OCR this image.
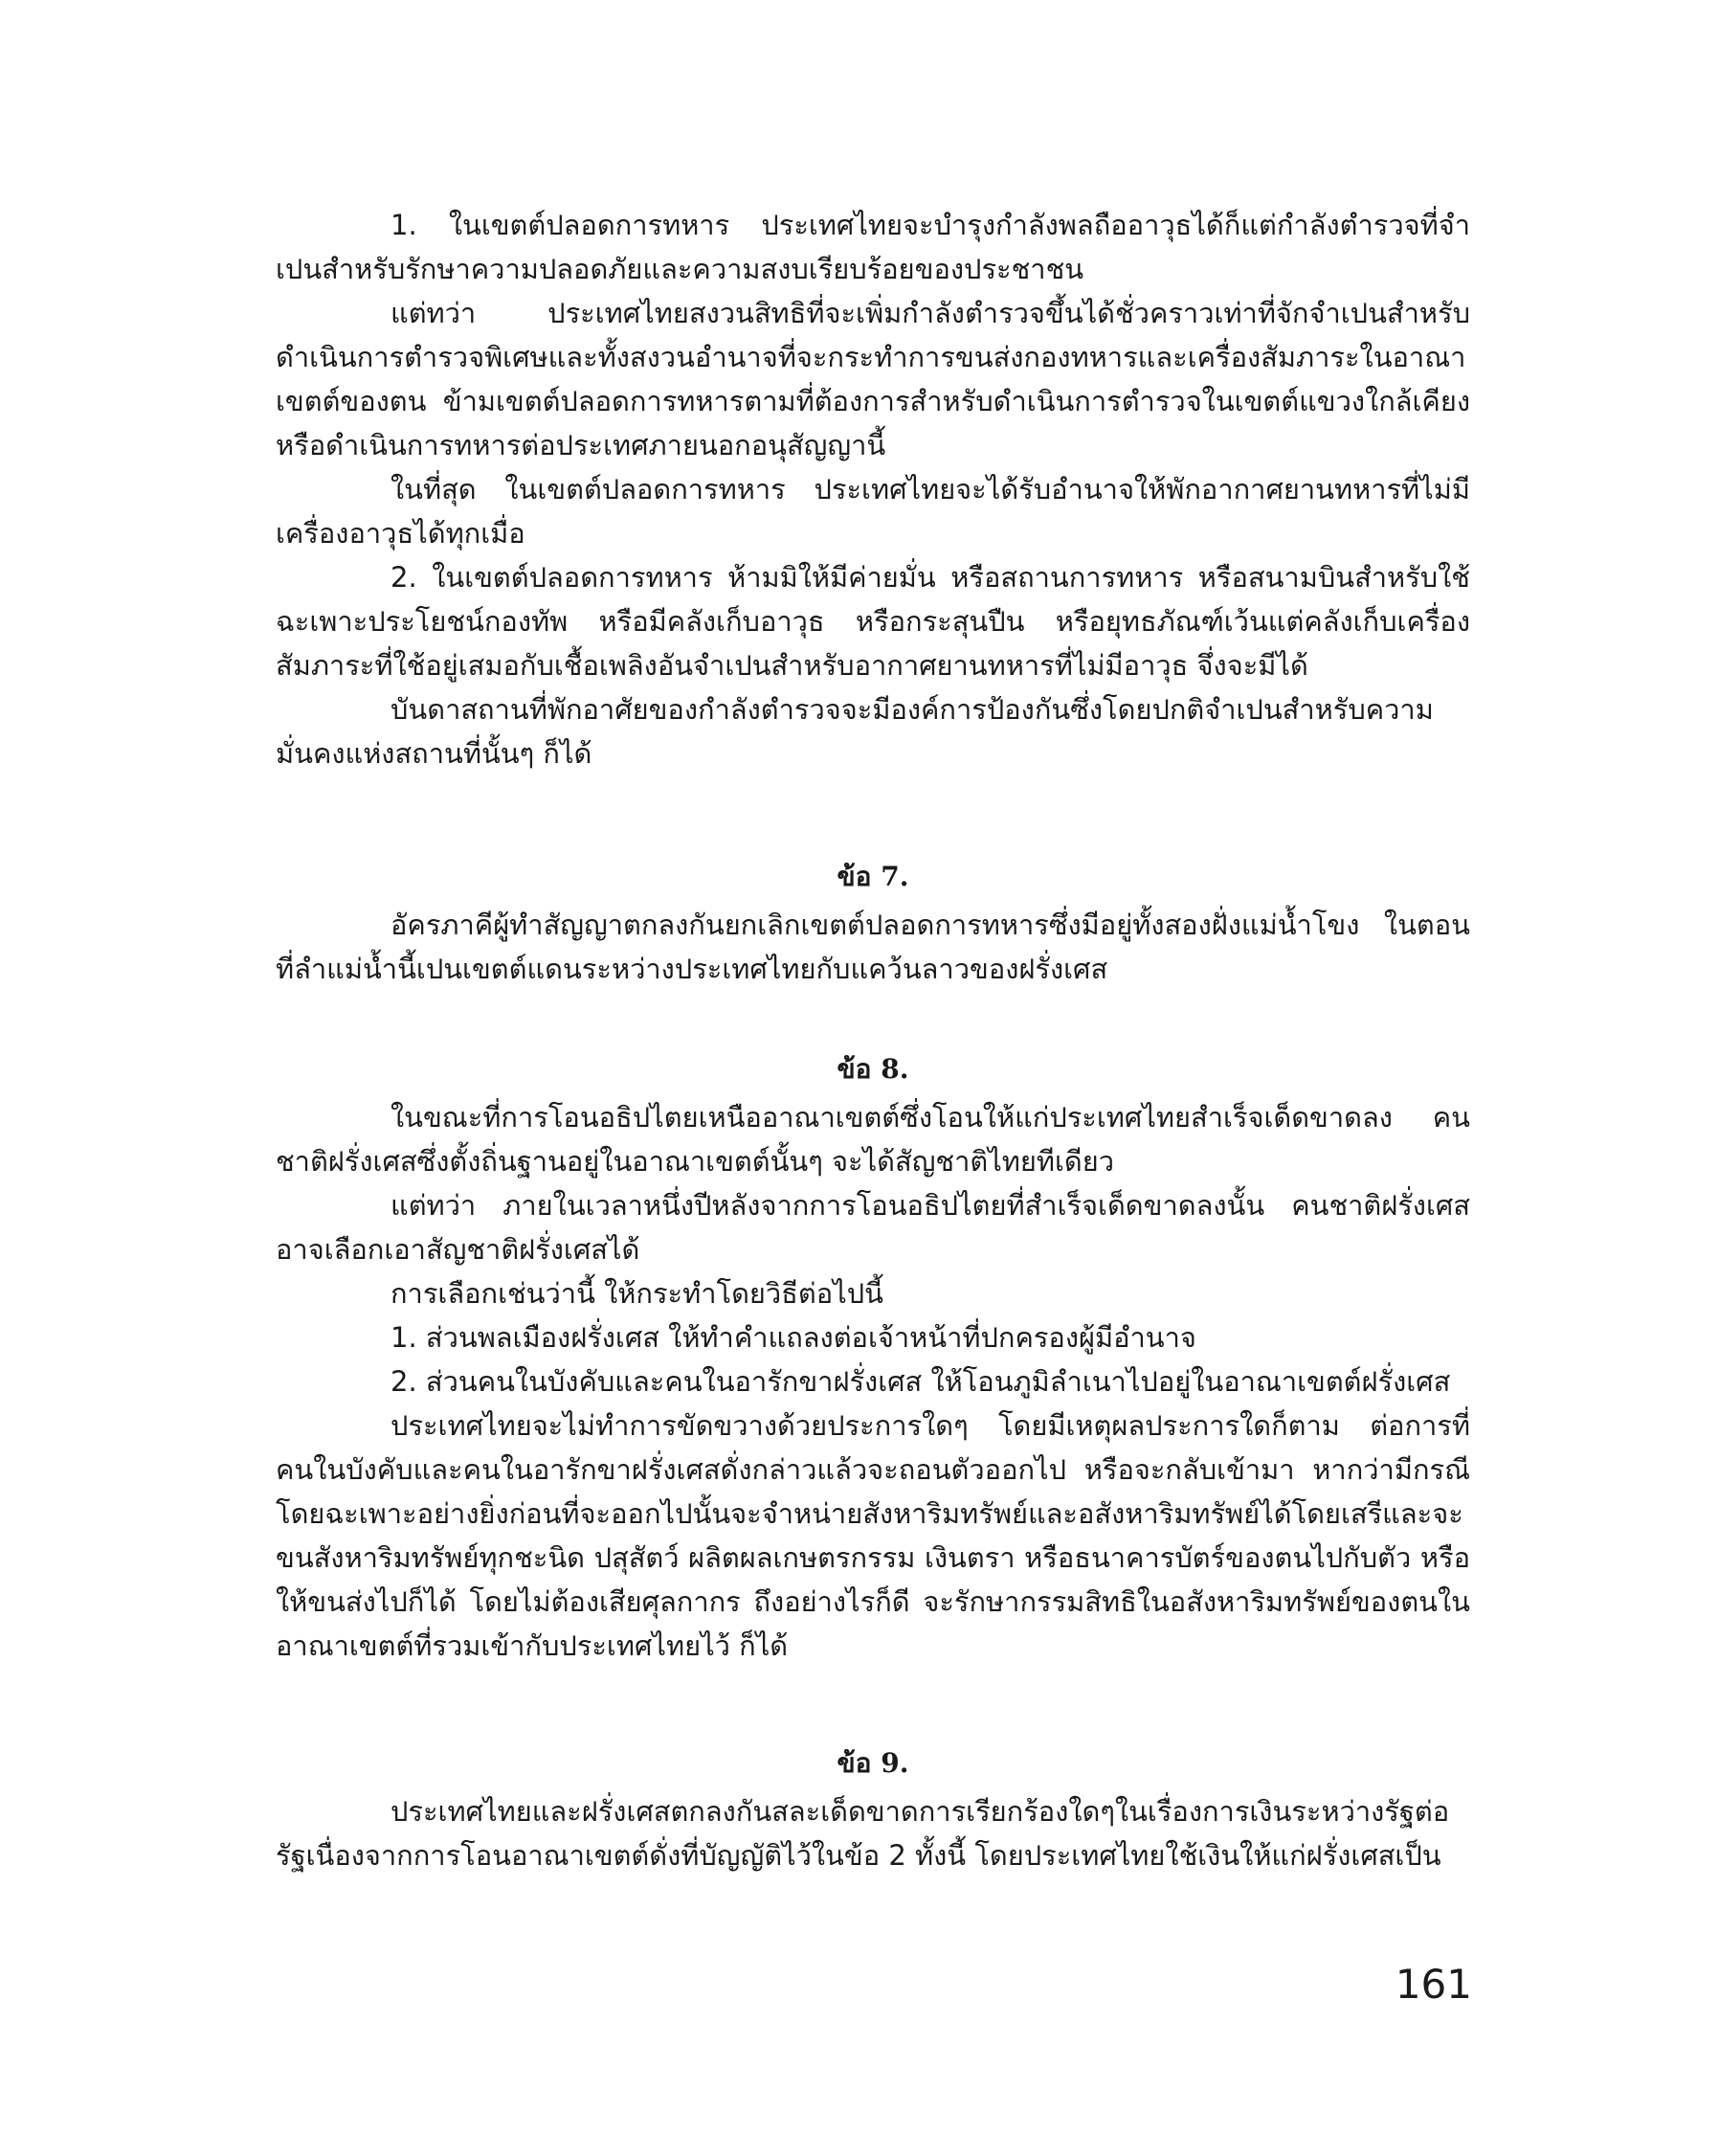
1. ในเขตต์ปลอดการทหาร ประเทศไทยจะบำรุงกำลังพลถืออาวุธได้ก็แต่กำลังตำรวจที่จำเปนสำหรับรักษาความปลอดภัยและความสงบเรียบร้อยของประชาชน

แต่ทว่า ประเทศไทยสงวนสิทธิที่จะเพิ่มกำลังตำรวจขึ้นได้ชั่วคราวเท่าที่จักจำเปนสำหรับดำเนินการตำรวจพิเศษและทั้งสงวนอำนาจที่จะกระทำการขนส่งกองทหารและเครื่องสัมภาระในอาณาเขตต์ของตน ข้ามเขตต์ปลอดการทหารตามที่ต้องการสำหรับดำเนินการตำรวจในเขตต์แขวงใกล้เคียงหรือดำเนินการทหารต่อประเทศภายนอกอนุสัญญานี้

ในที่สุด ในเขตต์ปลอดการทหาร ประเทศไทยจะได้รับอำนาจให้พักอากาศยานทหารที่ไม่มีเครื่องอาวุธได้ทุกเมื่อ

2. ในเขตต์ปลอดการทหาร ห้ามมิให้มีค่ายมั่น หรือสถานการทหาร หรือสนามบินสำหรับใช้ฉะเพาะประโยชน์กองทัพ หรือมีคลังเก็บอาวุธ หรือกระสุนปืน หรือยุทธภัณฑ์เว้นแต่คลังเก็บเครื่องสัมภาระที่ใช้อยู่เสมอกับเชื้อเพลิงอันจำเปนสำหรับอากาศยานทหารที่ไม่มีอาวุธ จึ่งจะมีได้

บันดาสถานที่พักอาศัยของกำลังตำรวจจะมีองค์การป้องกันซึ่งโดยปกติจำเปนสำหรับความมั่นคงแห่งสถานที่นั้นๆ ก็ได้

ข้อ 7.

อัครภาคีผู้ทำสัญญาตกลงกันยกเลิกเขตต์ปลอดการทหารซึ่งมีอยู่ทั้งสองฝั่งแม่น้ำโขง ในตอนที่ลำแม่น้ำนี้เปนเขตต์แดนระหว่างประเทศไทยกับแคว้นลาวของฝรั่งเศส

ข้อ 8.

ในขณะที่การโอนอธิปไตยเหนืออาณาเขตต์ซึ่งโอนให้แก่ประเทศไทยสำเร็จเด็ดขาดลง คนชาติฝรั่งเศสซึ่งตั้งถิ่นฐานอยู่ในอาณาเขตต์นั้นๆ จะได้สัญชาติไทยทีเดียว

แต่ทว่า ภายในเวลาหนึ่งปีหลังจากการโอนอธิปไตยที่สำเร็จเด็ดขาดลงนั้น คนชาติฝรั่งเศสอาจเลือกเอาสัญชาติฝรั่งเศสได้

การเลือกเช่นว่านี้ ให้กระทำโดยวิธีต่อไปนี้

1. ส่วนพลเมืองฝรั่งเศส ให้ทำคำแถลงต่อเจ้าหน้าที่ปกครองผู้มีอำนาจ

2. ส่วนคนในบังคับและคนในอารักขาฝรั่งเศส ให้โอนภูมิลำเนาไปอยู่ในอาณาเขตต์ฝรั่งเศส

ประเทศไทยจะไม่ทำการขัดขวางด้วยประการใดๆ โดยมีเหตุผลประการใดก็ตาม ต่อการที่คนในบังคับและคนในอารักขาฝรั่งเศสดั่งกล่าวแล้วจะถอนตัวออกไป หรือจะกลับเข้ามา หากว่ามีกรณีโดยฉะเพาะอย่างยิ่งก่อนที่จะออกไปนั้นจะจำหน่ายสังหาริมทรัพย์และอสังหาริมทรัพย์ได้โดยเสรีและจะขนสังหาริมทรัพย์ทุกชะนิด ปสุสัตว์ ผลิตผลเกษตรกรรม เงินตรา หรือธนาคารบัตร์ของตนไปกับตัว หรือให้ขนส่งไปก็ได้ โดยไม่ต้องเสียศุลกากร ถึงอย่างไรก็ดี จะรักษากรรมสิทธิในอสังหาริมทรัพย์ของตนในอาณาเขตต์ที่รวมเข้ากับประเทศไทยไว้ ก็ได้

ข้อ 9.

ประเทศไทยและฝรั่งเศสตกลงกันสละเด็ดขาดการเรียกร้องใดๆในเรื่องการเงินระหว่างรัฐต่อรัฐเนื่องจากการโอนอาณาเขตต์ดั่งที่บัญญัติไว้ในข้อ 2 ทั้งนี้ โดยประเทศไทยใช้เงินให้แก่ฝรั่งเศสเป็น

161
